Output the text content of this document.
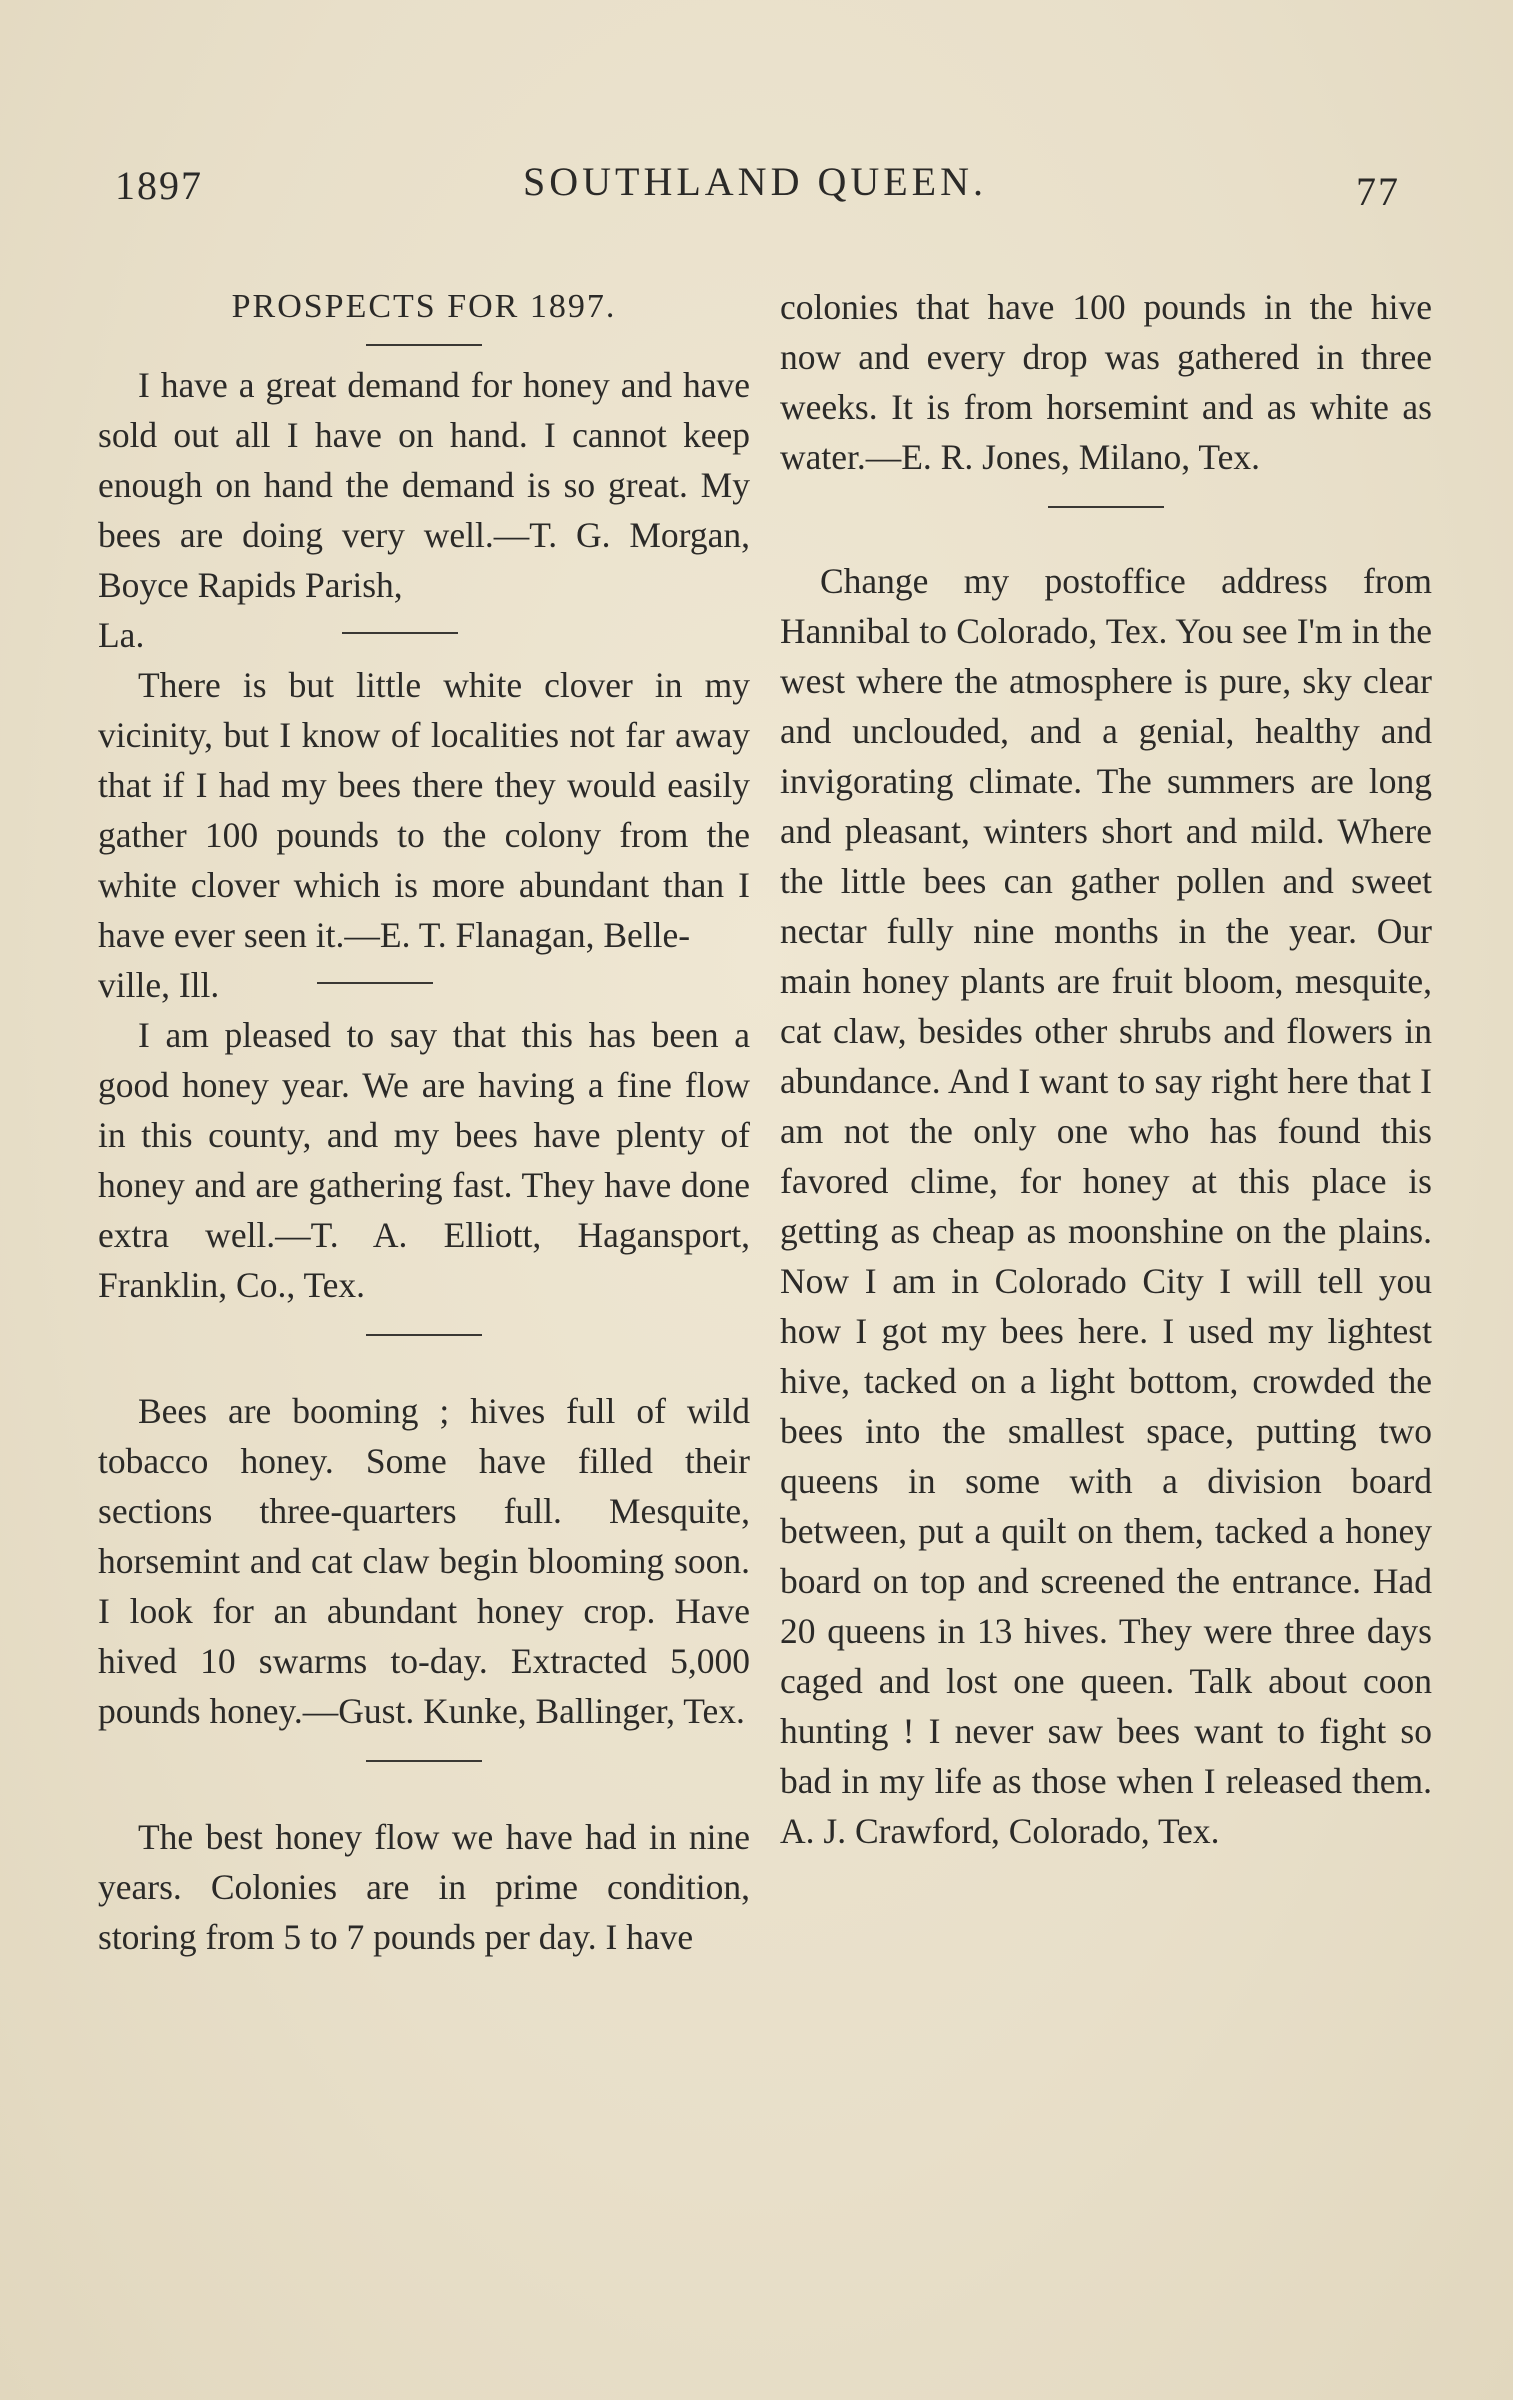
1897	SOUTHLAND QUEEN.	77
PROSPECTS FOR 1897.

I have a great demand for honey and have sold out all I have on hand. I cannot keep enough on hand the demand is so great. My bees are doing very well.—T. G. Morgan, Boyce Rapids Parish,

La.

There is but little white clover in my vicinity, but I know of localities not far away that if I had my bees there they would easily gather 100 pounds to the colony from the white clover which is more abundant than I have ever seen it.—E. T. Flanagan, Belle-

ville, Ill.

I am pleased to say that this has been a good honey year. We are having a fine flow in this county, and my bees have plenty of honey and are gathering fast. They have done extra well.—T. A. Elliott, Hagansport, Franklin, Co., Tex.

Bees are booming ; hives full of wild tobacco honey. Some have filled their sections three-quarters full. Mesquite, horsemint and cat claw begin blooming soon. I look for an abundant honey crop. Have hived 10 swarms to-day. Extracted 5,000 pounds honey.—Gust. Kunke, Ballinger, Tex.

The best honey flow we have had in nine years. Colonies are in prime condition, storing from 5 to 7 pounds per day. I have

colonies that have 100 pounds in the hive now and every drop was gathered in three weeks. It is from horsemint and as white as water.—E. R. Jones, Milano, Tex.

Change my postoffice address from Hannibal to Colorado, Tex. You see I'm in the west where the atmosphere is pure, sky clear and unclouded, and a genial, healthy and invigorating climate. The summers are long and pleasant, winters short and mild. Where the little bees can gather pollen and sweet nectar fully nine months in the year. Our main honey plants are fruit bloom, mesquite, cat claw, besides other shrubs and flowers in abundance. And I want to say right here that I am not the only one who has found this favored clime, for honey at this place is getting as cheap as moonshine on the plains. Now I am in Colorado City I will tell you how I got my bees here. I used my lightest hive, tacked on a light bottom, crowded the bees into the smallest space, putting two queens in some with a division board between, put a quilt on them, tacked a honey board on top and screened the entrance. Had 20 queens in 13 hives. They were three days caged and lost one queen. Talk about coon hunting ! I never saw bees want to fight so bad in my life as those when I released them. A. J. Crawford, Colorado, Tex.
